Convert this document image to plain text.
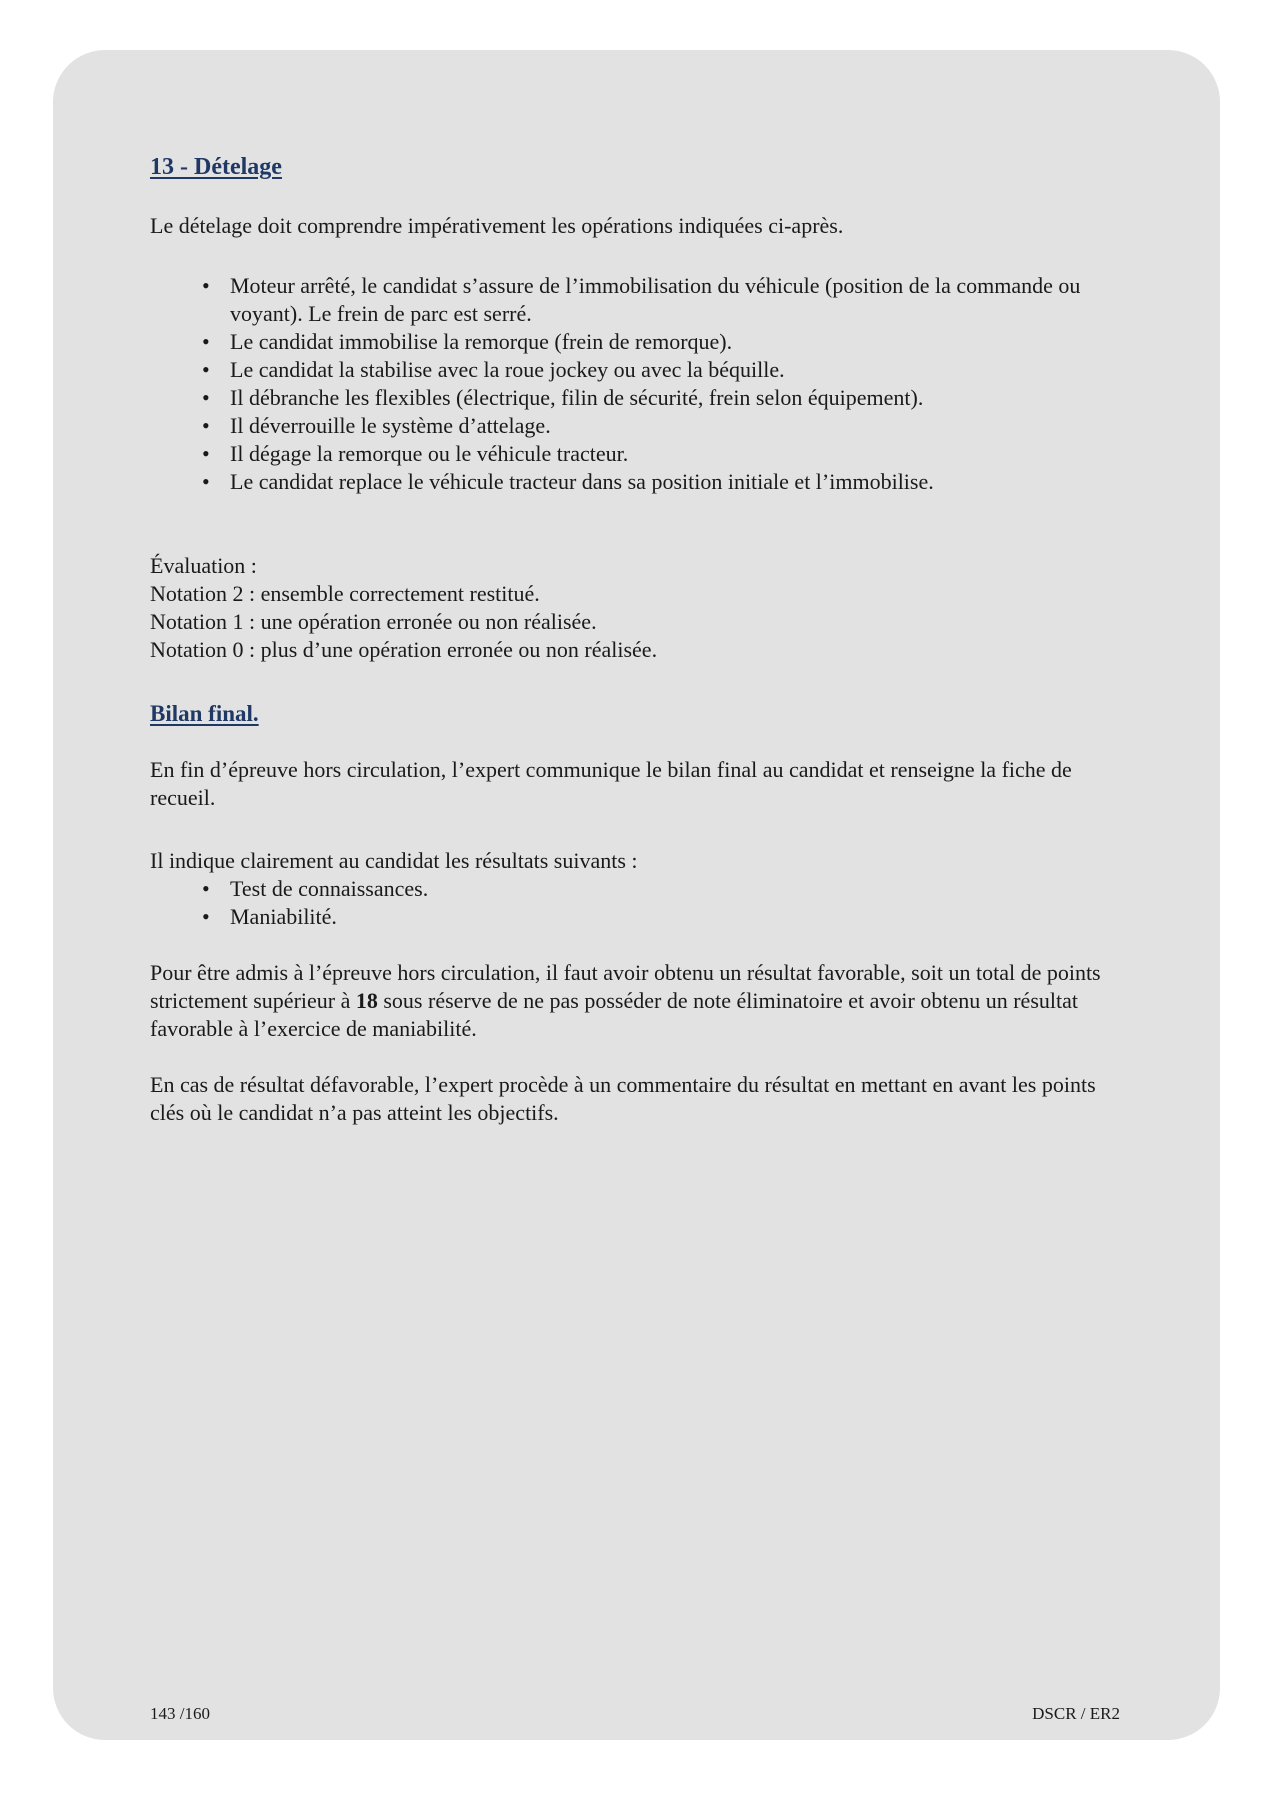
13 - Dételage

Le dételage doit comprendre impérativement les opérations indiquées ci-après.

• Moteur arrêté, le candidat s’assure de l’immobilisation du véhicule (position de la commande ou voyant). Le frein de parc est serré.
• Le candidat immobilise la remorque (frein de remorque).
• Le candidat la stabilise avec la roue jockey ou avec la béquille.
• Il débranche les flexibles (électrique, filin de sécurité, frein selon équipement).
• Il déverrouille le système d’attelage.
• Il dégage la remorque ou le véhicule tracteur.
• Le candidat replace le véhicule tracteur dans sa position initiale et l’immobilise.

Évaluation :

Notation 2 : ensemble correctement restitué.

Notation 1 : une opération erronée ou non réalisée.

Notation 0 : plus d’une opération erronée ou non réalisée.

Bilan final.

En fin d’épreuve hors circulation, l’expert communique le bilan final au candidat et renseigne la fiche de recueil.

Il indique clairement au candidat les résultats suivants :

• Test de connaissances.
• Maniabilité.

Pour être admis à l’épreuve hors circulation, il faut avoir obtenu un résultat favorable, soit un total de points strictement supérieur à 18 sous réserve de ne pas posséder de note éliminatoire et avoir obtenu un résultat favorable à l’exercice de maniabilité.

En cas de résultat défavorable, l’expert procède à un commentaire du résultat en mettant en avant les points clés où le candidat n’a pas atteint les objectifs.

143 /160	DSCR / ER2
